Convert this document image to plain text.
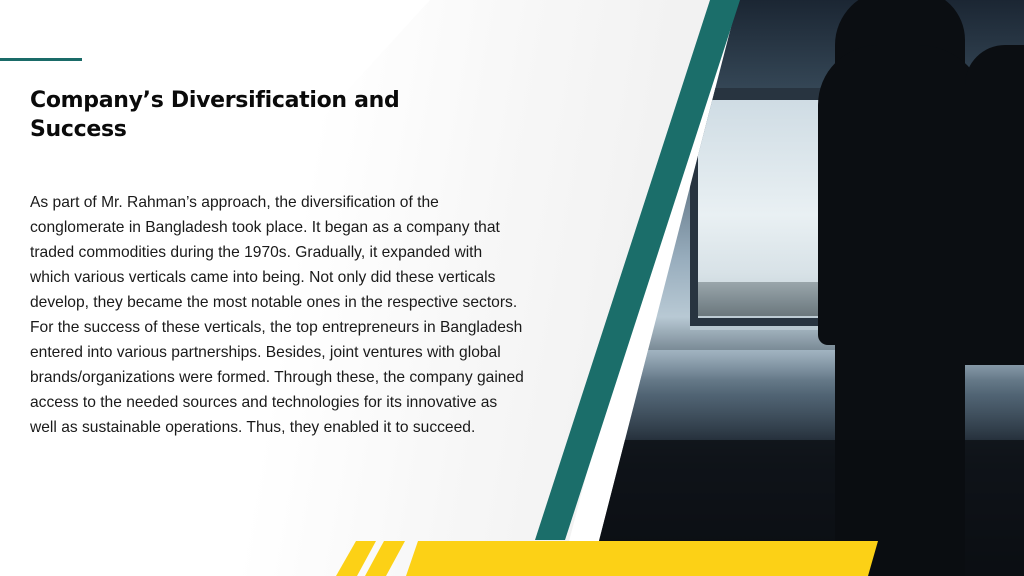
Company’s Diversification and Success

As part of Mr. Rahman’s approach, the diversification of the conglomerate in Bangladesh took place. It began as a company that traded commodities during the 1970s. Gradually, it expanded with which various verticals came into being. Not only did these verticals develop, they became the most notable ones in the respective sectors.

For the success of these verticals, the top entrepreneurs in Bangladesh entered into various partnerships. Besides, joint ventures with global brands/organizations were formed. Through these, the company gained access to the needed sources and technologies for its innovative as well as sustainable operations. Thus, they enabled it to succeed.
